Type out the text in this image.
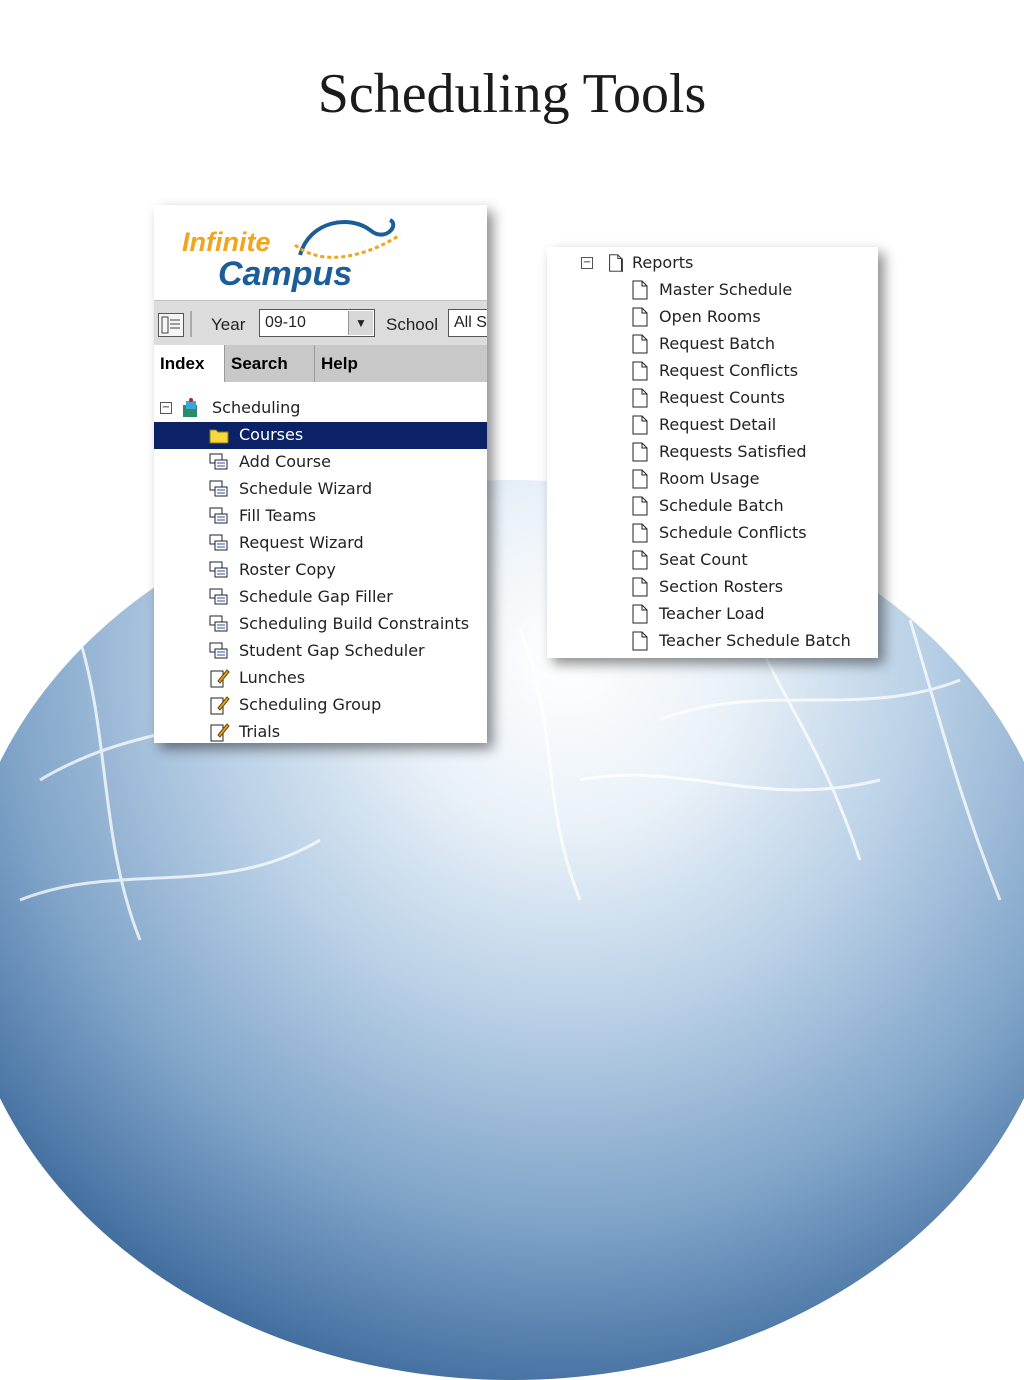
Scheduling Tools
Infinite
Campus
Year 09-10	▼	School All S
Index	Search	Help
−	Scheduling
Courses
Add Course
Schedule Wizard
Fill Teams
Request Wizard
Roster Copy
Schedule Gap Filler
Scheduling Build Constraints
Student Gap Scheduler
Lunches
Scheduling Group
Trials
−	Reports
Master Schedule
Open Rooms
Request Batch
Request Conflicts
Request Counts
Request Detail
Requests Satisfied
Room Usage
Schedule Batch
Schedule Conflicts
Seat Count
Section Rosters
Teacher Load
Teacher Schedule Batch
